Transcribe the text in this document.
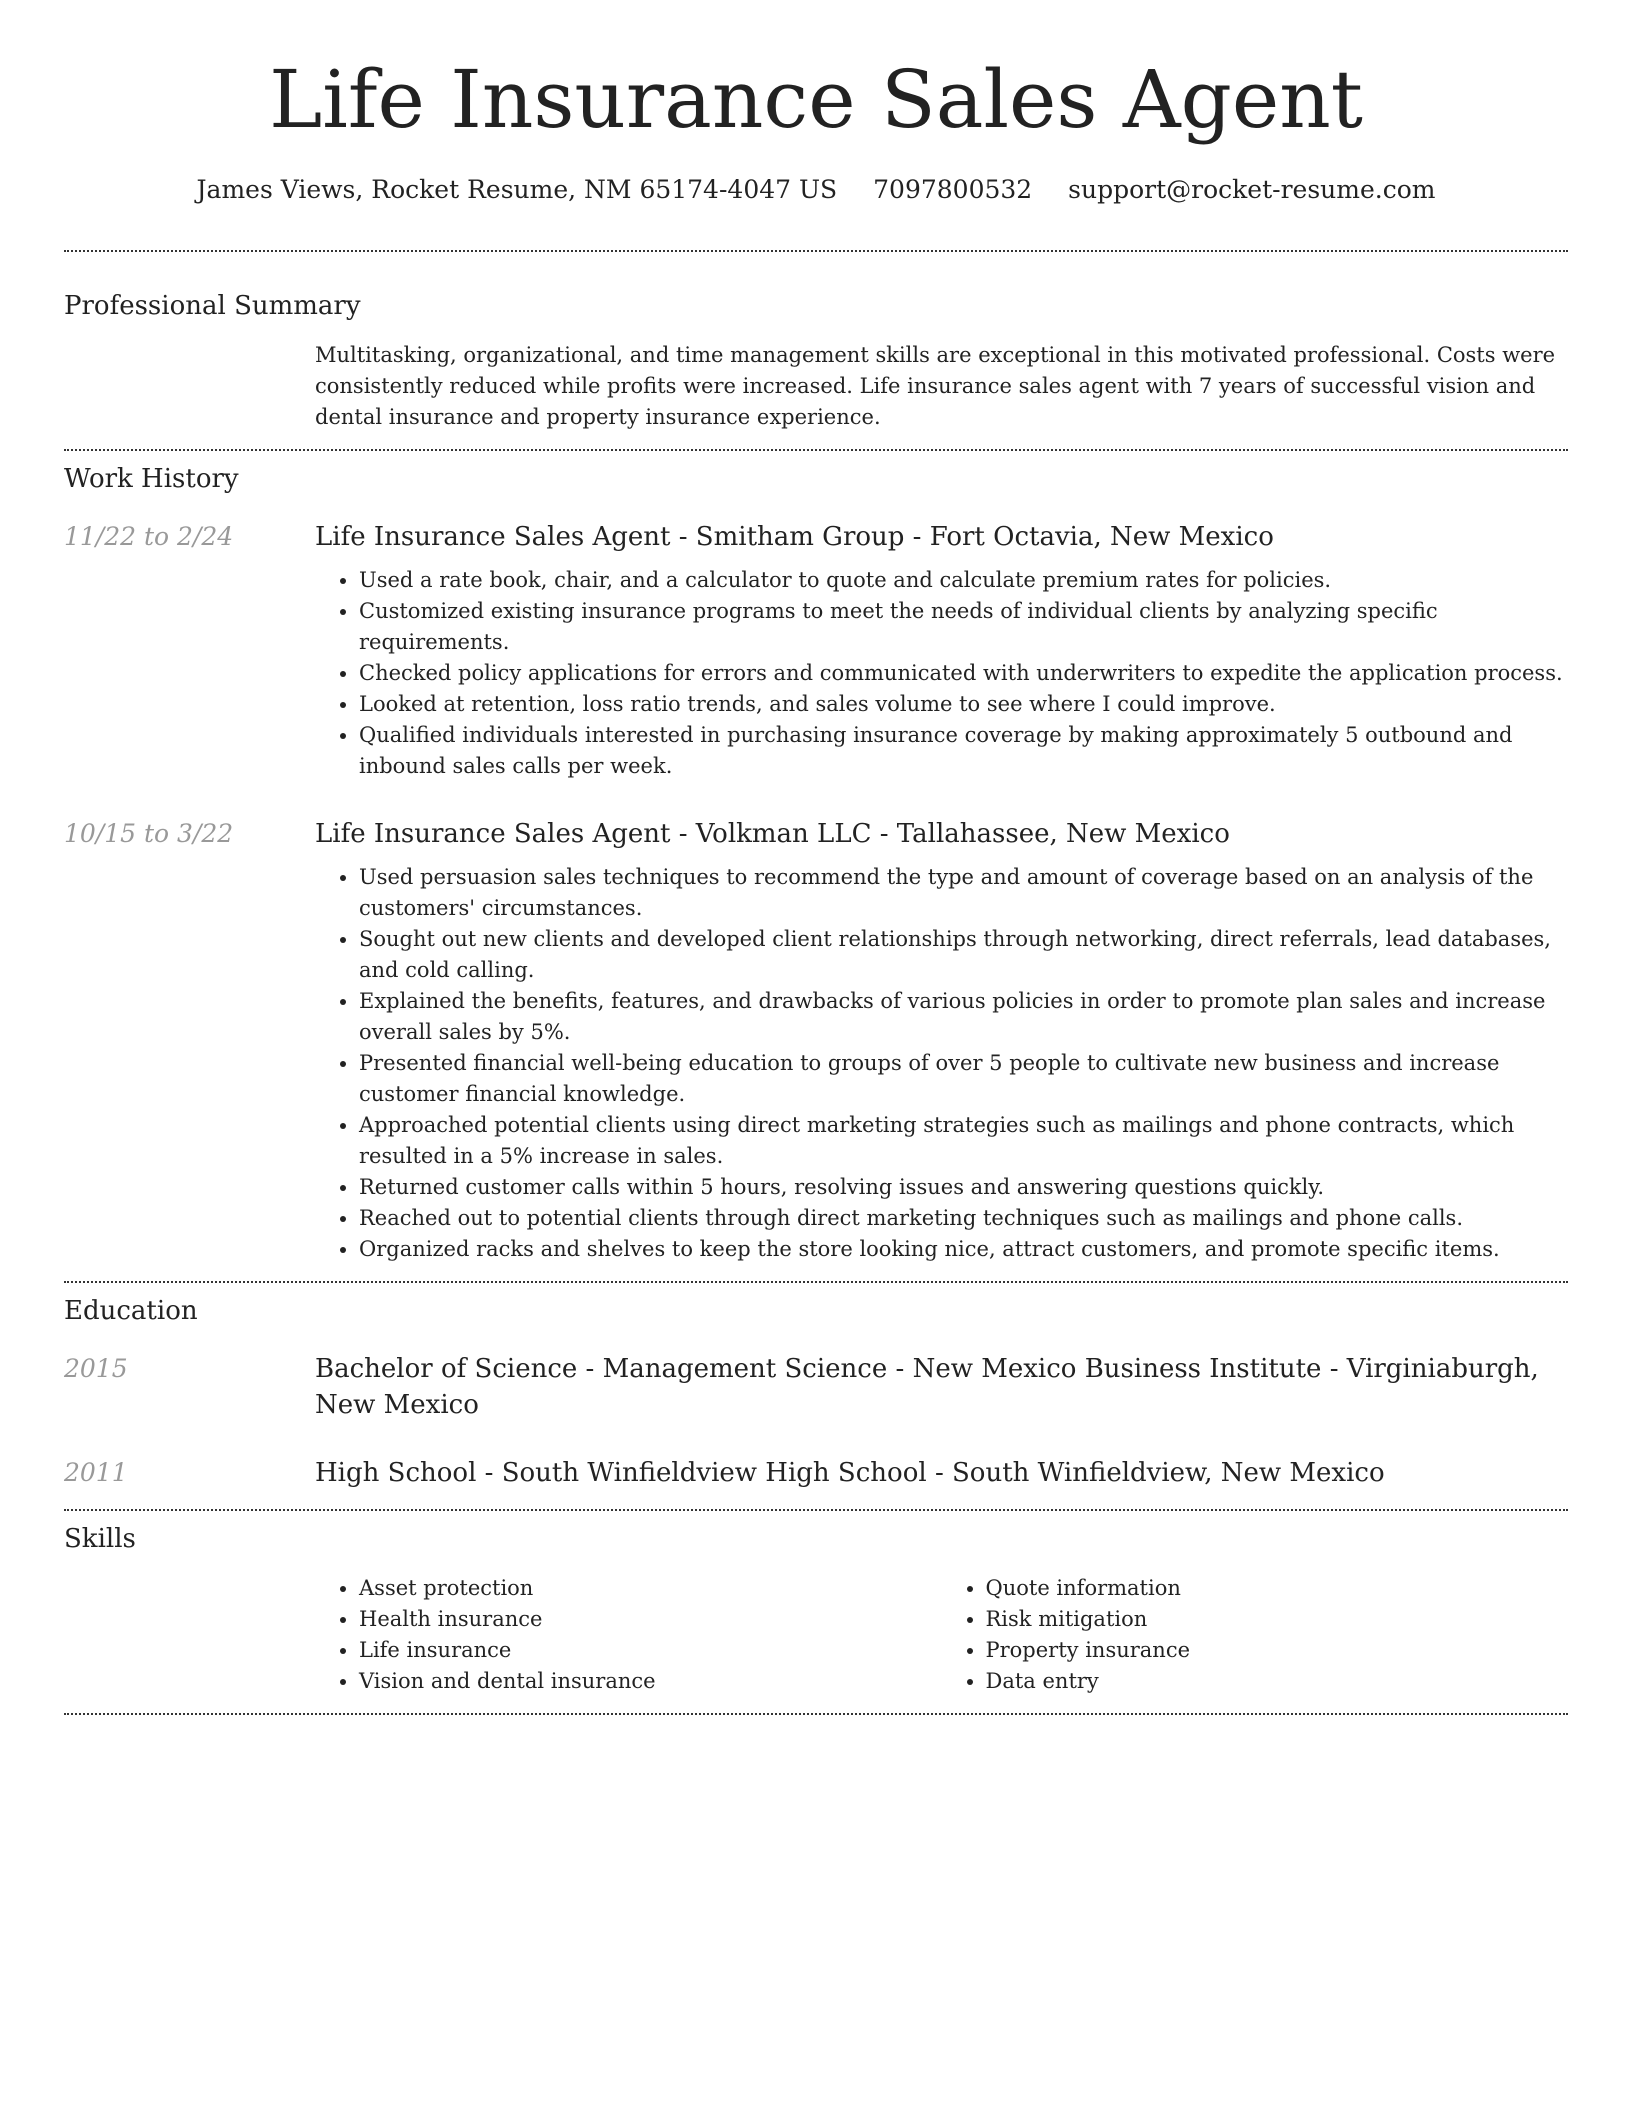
Life Insurance Sales Agent
James Views, Rocket Resume, NM 65174-4047 US 7097800532 support@rocket-resume.com
Professional Summary

Multitasking, organizational, and time management skills are exceptional in this motivated professional. Costs were consistently reduced while profits were increased. Life insurance sales agent with 7 years of successful vision and dental insurance and property insurance experience.

Work History
11/22 to 2/24	Life Insurance Sales Agent - Smitham Group - Fort Octavia, New Mexico
• Used a rate book, chair, and a calculator to quote and calculate premium rates for policies.
• Customized existing insurance programs to meet the needs of individual clients by analyzing specific requirements.
• Checked policy applications for errors and communicated with underwriters to expedite the application process.
• Looked at retention, loss ratio trends, and sales volume to see where I could improve.
• Qualified individuals interested in purchasing insurance coverage by making approximately 5 outbound and inbound sales calls per week.
10/15 to 3/22	Life Insurance Sales Agent - Volkman LLC - Tallahassee, New Mexico
• Used persuasion sales techniques to recommend the type and amount of coverage based on an analysis of the customers' circumstances.
• Sought out new clients and developed client relationships through networking, direct referrals, lead databases, and cold calling.
• Explained the benefits, features, and drawbacks of various policies in order to promote plan sales and increase overall sales by 5%.
• Presented financial well-being education to groups of over 5 people to cultivate new business and increase customer financial knowledge.
• Approached potential clients using direct marketing strategies such as mailings and phone contracts, which resulted in a 5% increase in sales.
• Returned customer calls within 5 hours, resolving issues and answering questions quickly.
• Reached out to potential clients through direct marketing techniques such as mailings and phone calls.
• Organized racks and shelves to keep the store looking nice, attract customers, and promote specific items.
Education
2015	Bachelor of Science - Management Science - New Mexico Business Institute - Virginiaburgh, New Mexico
2011	High School - South Winfieldview High School - South Winfieldview, New Mexico
Skills
• Asset protection
• Health insurance
• Life insurance
• Vision and dental insurance
• Quote information
• Risk mitigation
• Property insurance
• Data entry
